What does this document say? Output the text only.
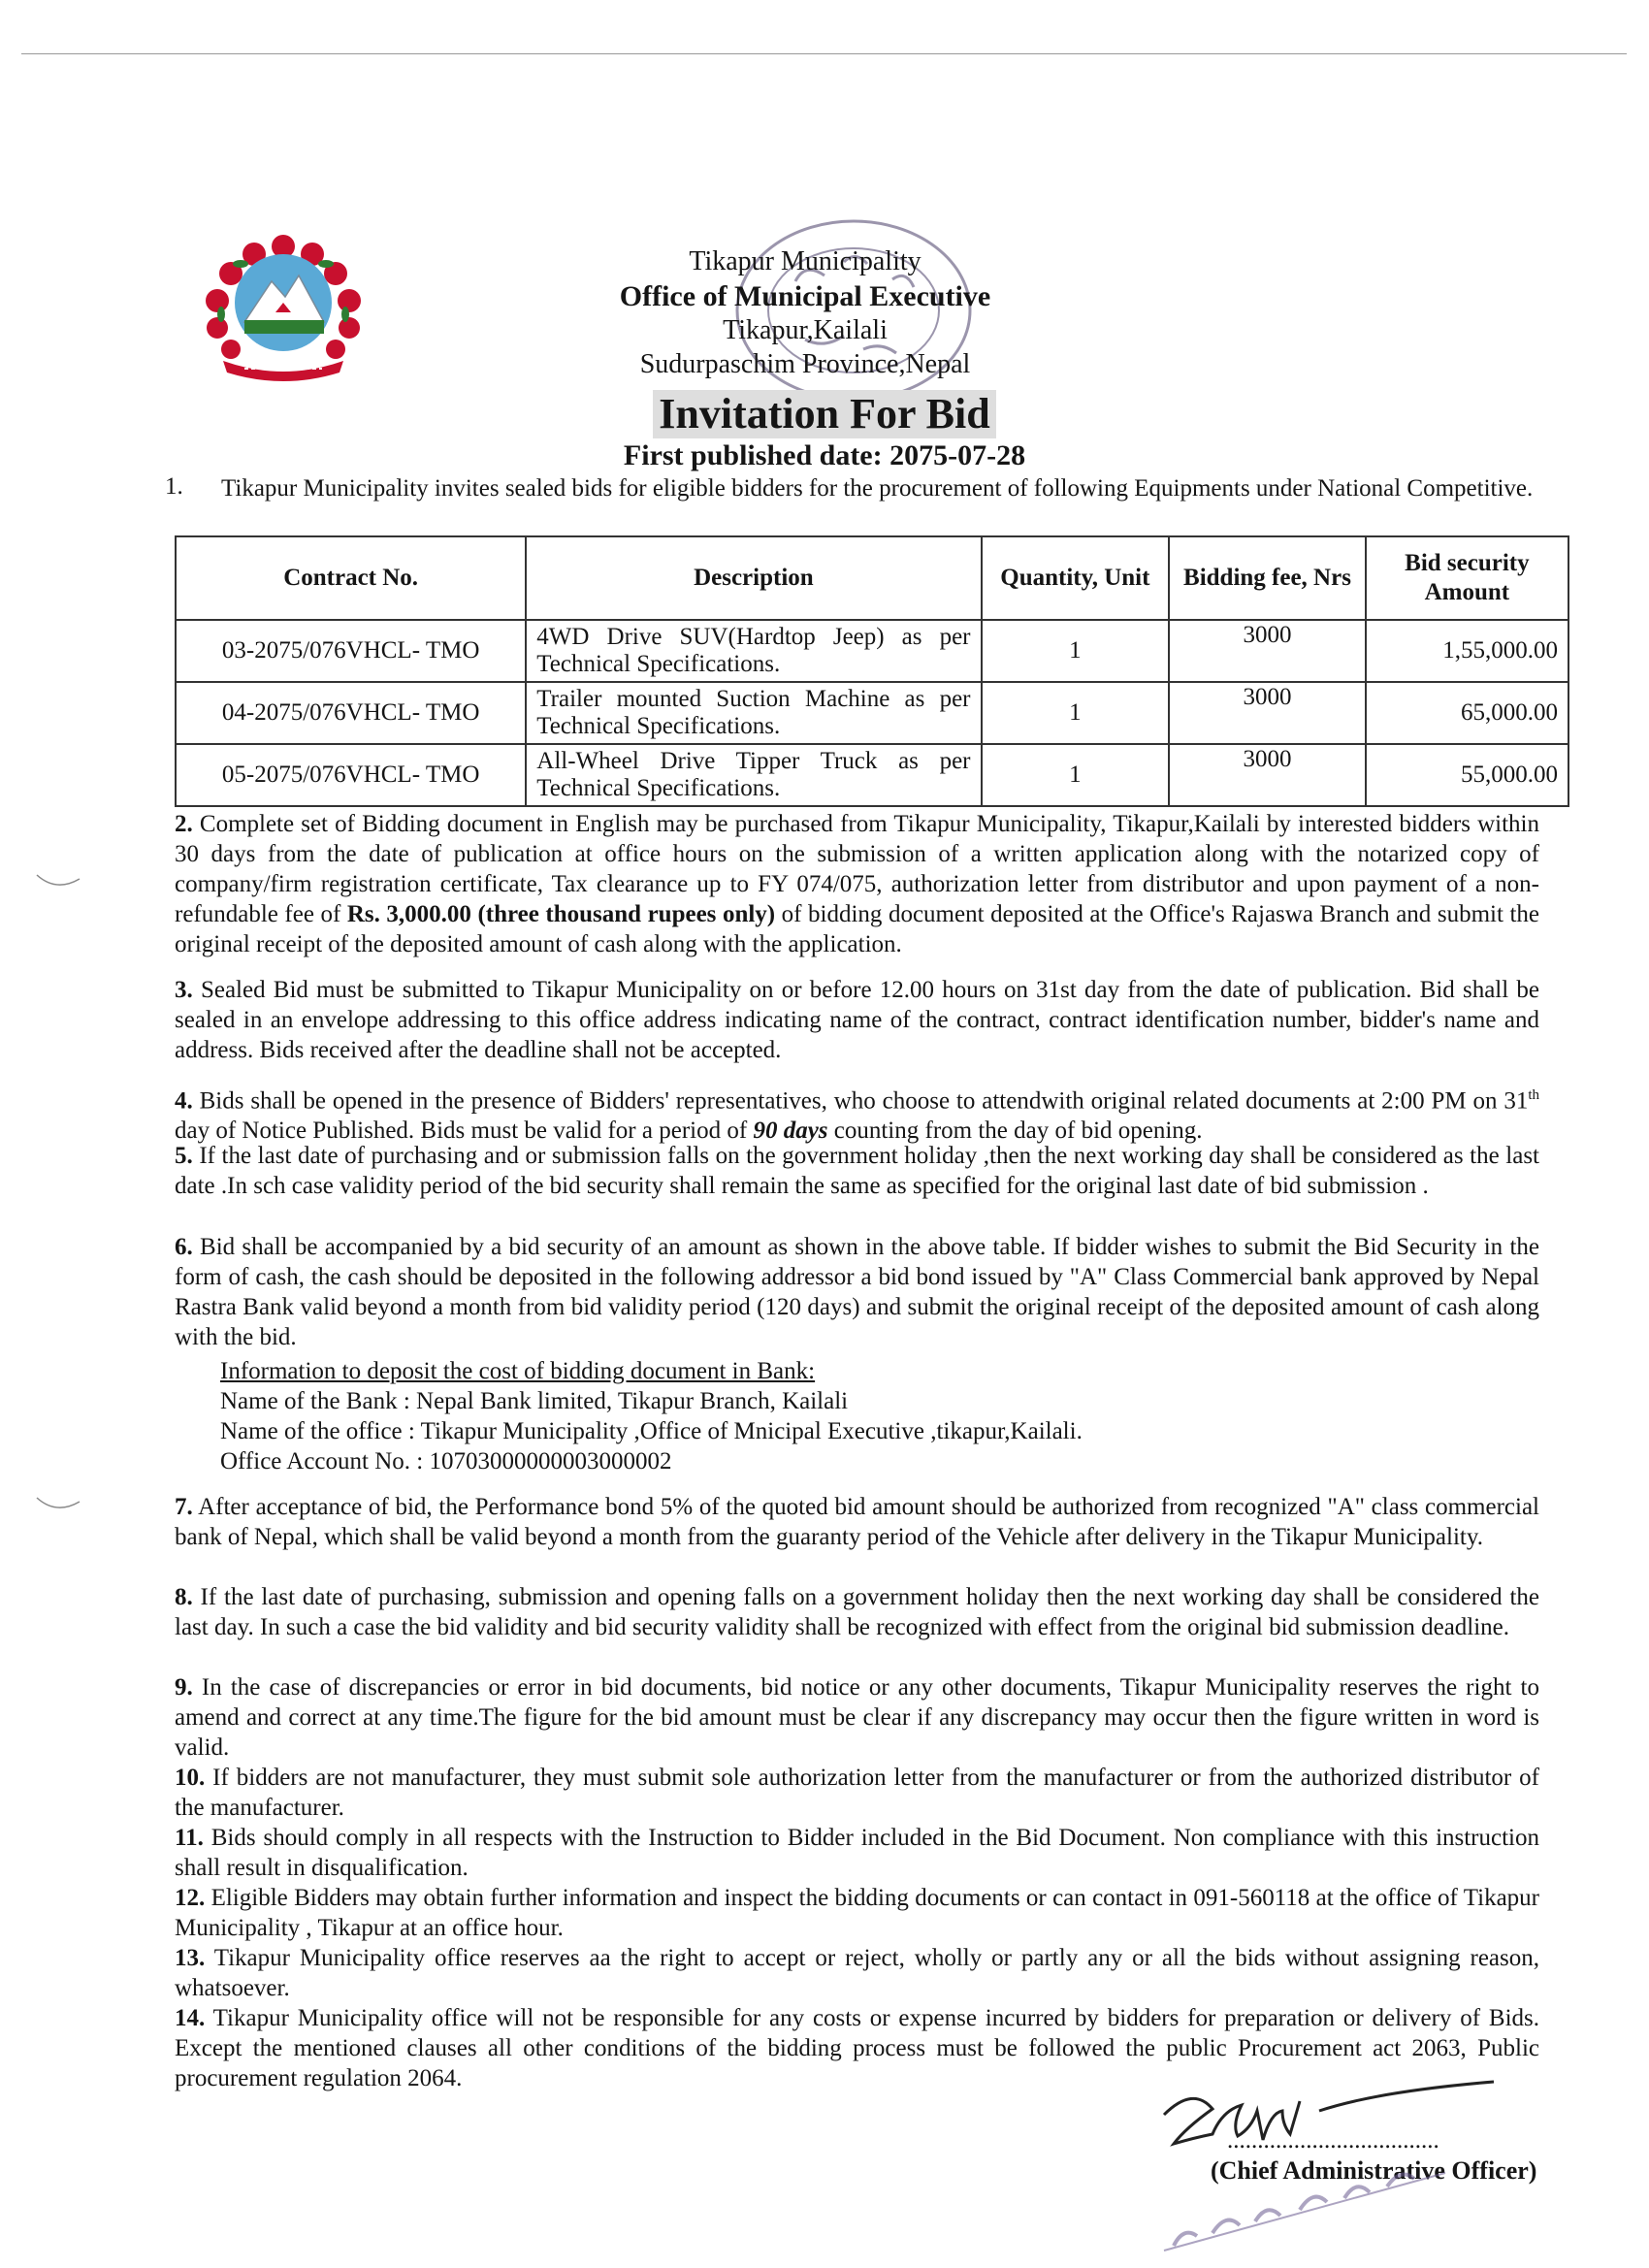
Tikapur Municipality
Office of Municipal Executive
Tikapur,Kailali
Sudurpaschim Province,Nepal
Invitation For Bid
First published date: 2075-07-28
1. Tikapur Municipality invites sealed bids for eligible bidders for the procurement of following Equipments under National Competitive.
Contract No.	Description	Quantity, Unit	Bidding fee, Nrs	Bid security Amount
03-2075/076VHCL- TMO	4WD Drive SUV(Hardtop Jeep) as per Technical Specifications.	1	3000	1,55,000.00
04-2075/076VHCL- TMO	Trailer mounted Suction Machine as per Technical Specifications.	1	3000	65,000.00
05-2075/076VHCL- TMO	All-Wheel Drive Tipper Truck as per Technical Specifications.	1	3000	55,000.00
2. Complete set of Bidding document in English may be purchased from Tikapur Municipality, Tikapur,Kailali by interested bidders within 30 days from the date of publication at office hours on the submission of a written application along with the notarized copy of company/firm registration certificate, Tax clearance up to FY 074/075, authorization letter from distributor and upon payment of a non-refundable fee of Rs. 3,000.00 (three thousand rupees only) of bidding document deposited at the Office's Rajaswa Branch and submit the original receipt of the deposited amount of cash along with the application.
3. Sealed Bid must be submitted to Tikapur Municipality on or before 12.00 hours on 31st day from the date of publication. Bid shall be sealed in an envelope addressing to this office address indicating name of the contract, contract identification number, bidder's name and address. Bids received after the deadline shall not be accepted.
4. Bids shall be opened in the presence of Bidders' representatives, who choose to attendwith original related documents at 2:00 PM on 31th day of Notice Published. Bids must be valid for a period of 90 days counting from the day of bid opening.
5. If the last date of purchasing and or submission falls on the government holiday ,then the next working day shall be considered as the last date .In sch case validity period of the bid security shall remain the same as specified for the original last date of bid submission .
6. Bid shall be accompanied by a bid security of an amount as shown in the above table. If bidder wishes to submit the Bid Security in the form of cash, the cash should be deposited in the following addressor a bid bond issued by "A" Class Commercial bank approved by Nepal Rastra Bank valid beyond a month from bid validity period (120 days) and submit the original receipt of the deposited amount of cash along with the bid.
Information to deposit the cost of bidding document in Bank:
Name of the Bank : Nepal Bank limited, Tikapur Branch, Kailali
Name of the office : Tikapur Municipality ,Office of Mnicipal Executive ,tikapur,Kailali.
Office Account No. : 10703000000003000002
7. After acceptance of bid, the Performance bond 5% of the quoted bid amount should be authorized from recognized "A" class commercial bank of Nepal, which shall be valid beyond a month from the guaranty period of the Vehicle after delivery in the Tikapur Municipality.
8. If the last date of purchasing, submission and opening falls on a government holiday then the next working day shall be considered the last day. In such a case the bid validity and bid security validity shall be recognized with effect from the original bid submission deadline.
9. In the case of discrepancies or error in bid documents, bid notice or any other documents, Tikapur Municipality reserves the right to amend and correct at any time.The figure for the bid amount must be clear if any discrepancy may occur then the figure written in word is valid.
10. If bidders are not manufacturer, they must submit sole authorization letter from the manufacturer or from the authorized distributor of the manufacturer.
11. Bids should comply in all respects with the Instruction to Bidder included in the Bid Document. Non compliance with this instruction shall result in disqualification.
12. Eligible Bidders may obtain further information and inspect the bidding documents or can contact in 091-560118 at the office of Tikapur Municipality , Tikapur at an office hour.
13. Tikapur Municipality office reserves aa the right to accept or reject, wholly or partly any or all the bids without assigning reason, whatsoever.
14. Tikapur Municipality office will not be responsible for any costs or expense incurred by bidders for preparation or delivery of Bids. Except the mentioned clauses all other conditions of the bidding process must be followed the public Procurement act 2063, Public procurement regulation 2064.
...................................
(Chief Administrative Officer)
